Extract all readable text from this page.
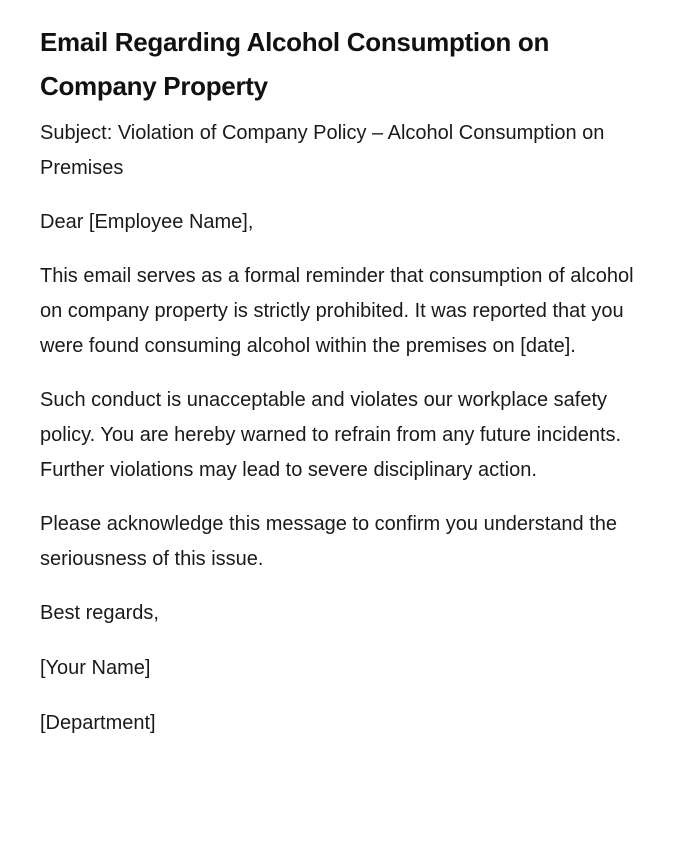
Email Regarding Alcohol Consumption on Company Property

Subject: Violation of Company Policy – Alcohol Consumption on Premises

Dear [Employee Name],

This email serves as a formal reminder that consumption of alcohol on company property is strictly prohibited. It was reported that you were found consuming alcohol within the premises on [date].

Such conduct is unacceptable and violates our workplace safety policy. You are hereby warned to refrain from any future incidents. Further violations may lead to severe disciplinary action.

Please acknowledge this message to confirm you understand the seriousness of this issue.

Best regards,

[Your Name]

[Department]
